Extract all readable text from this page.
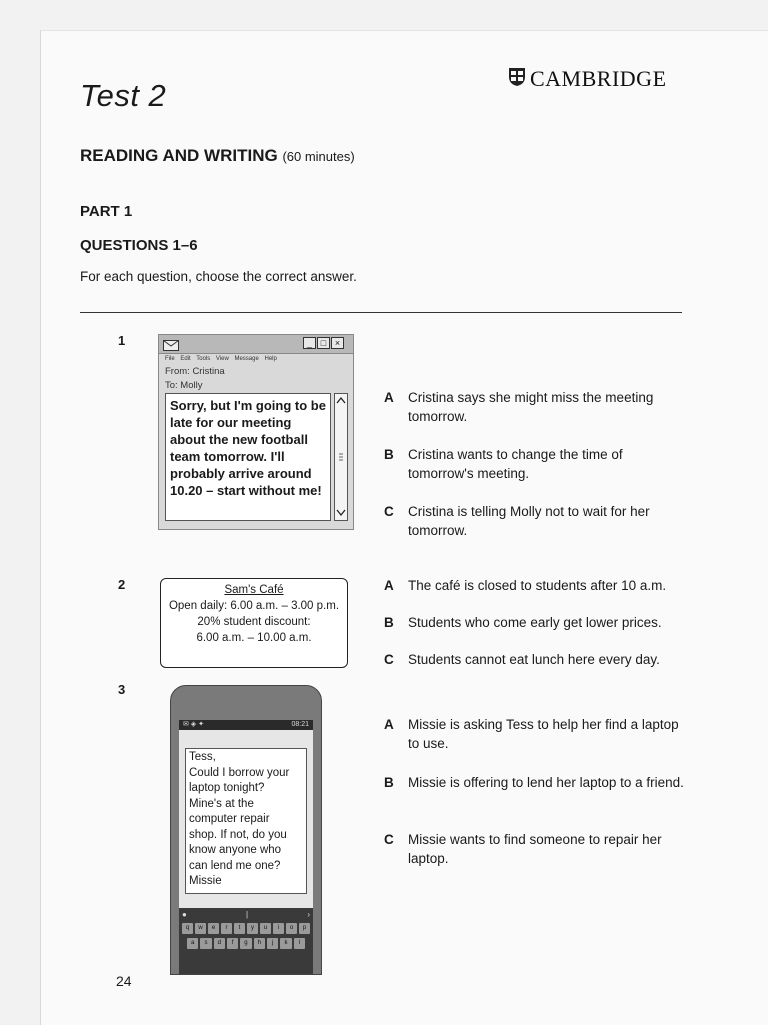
Test 2	CAMBRIDGE
READING AND WRITING (60 minutes)
PART 1
QUESTIONS 1–6
For each question, choose the correct answer.
1	_ □ ×
File Edit Tools View Message Help
From: Cristina
To: Molly
Sorry, but I'm going to be late for our meeting about the new football team tomorrow. I'll probably arrive around 10.20 – start without me!
A	Cristina says she might miss the meeting tomorrow.
B	Cristina wants to change the time of tomorrow's meeting.
C	Cristina is telling Molly not to wait for her tomorrow.
2	Sam's Café
Open daily: 6.00 a.m. – 3.00 p.m.
20% student discount:
6.00 a.m. – 10.00 a.m.
A	The café is closed to students after 10 a.m.
B	Students who come early get lower prices.
C	Students cannot eat lunch here every day.
3
✉ ◈ ✦	08:21
Tess,
Could I borrow your
laptop tonight?
Mine's at the
computer repair
shop. If not, do you
know anyone who
can lend me one?
Missie
●	|	›
q	w	e	r	t	y	u	i	o	p
a	s	d	f	g	h	j	k	l
A	Missie is asking Tess to help her find a laptop to use.
B	Missie is offering to lend her laptop to a friend.
C	Missie wants to find someone to repair her laptop.
24
